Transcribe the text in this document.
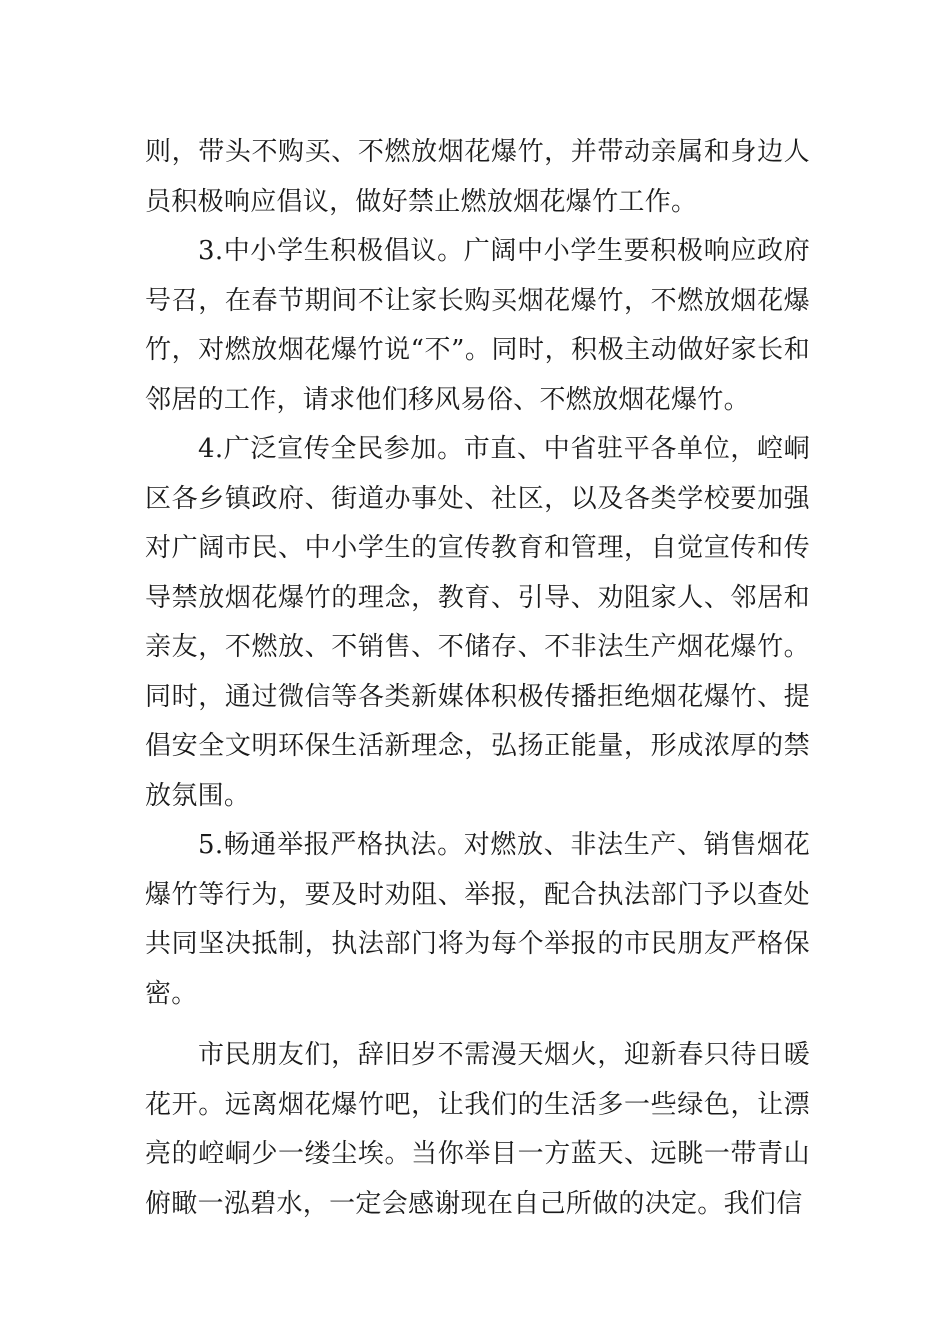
则，带头不购买、不燃放烟花爆竹，并带动亲属和身边人员积极响应倡议，做好禁止燃放烟花爆竹工作。

3.中小学生积极倡议。广阔中小学生要积极响应政府号召，在春节期间不让家长购买烟花爆竹，不燃放烟花爆竹，对燃放烟花爆竹说“不”。同时，积极主动做好家长和邻居的工作，请求他们移风易俗、不燃放烟花爆竹。

4.广泛宣传全民参加。市直、中省驻平各单位，崆峒区各乡镇政府、街道办事处、社区，以及各类学校要加强对广阔市民、中小学生的宣传教育和管理，自觉宣传和传导禁放烟花爆竹的理念，教育、引导、劝阻家人、邻居和亲友，不燃放、不销售、不储存、不非法生产烟花爆竹。同时，通过微信等各类新媒体积极传播拒绝烟花爆竹、提倡安全文明环保生活新理念，弘扬正能量，形成浓厚的禁放氛围。

5.畅通举报严格执法。对燃放、非法生产、销售烟花爆竹等行为，要及时劝阻、举报，配合执法部门予以查处共同坚决抵制，执法部门将为每个举报的市民朋友严格保密。

市民朋友们，辞旧岁不需漫天烟火，迎新春只待日暖花开。远离烟花爆竹吧，让我们的生活多一些绿色，让漂亮的崆峒少一缕尘埃。当你举目一方蓝天、远眺一带青山俯瞰一泓碧水，一定会感谢现在自己所做的决定。我们信
